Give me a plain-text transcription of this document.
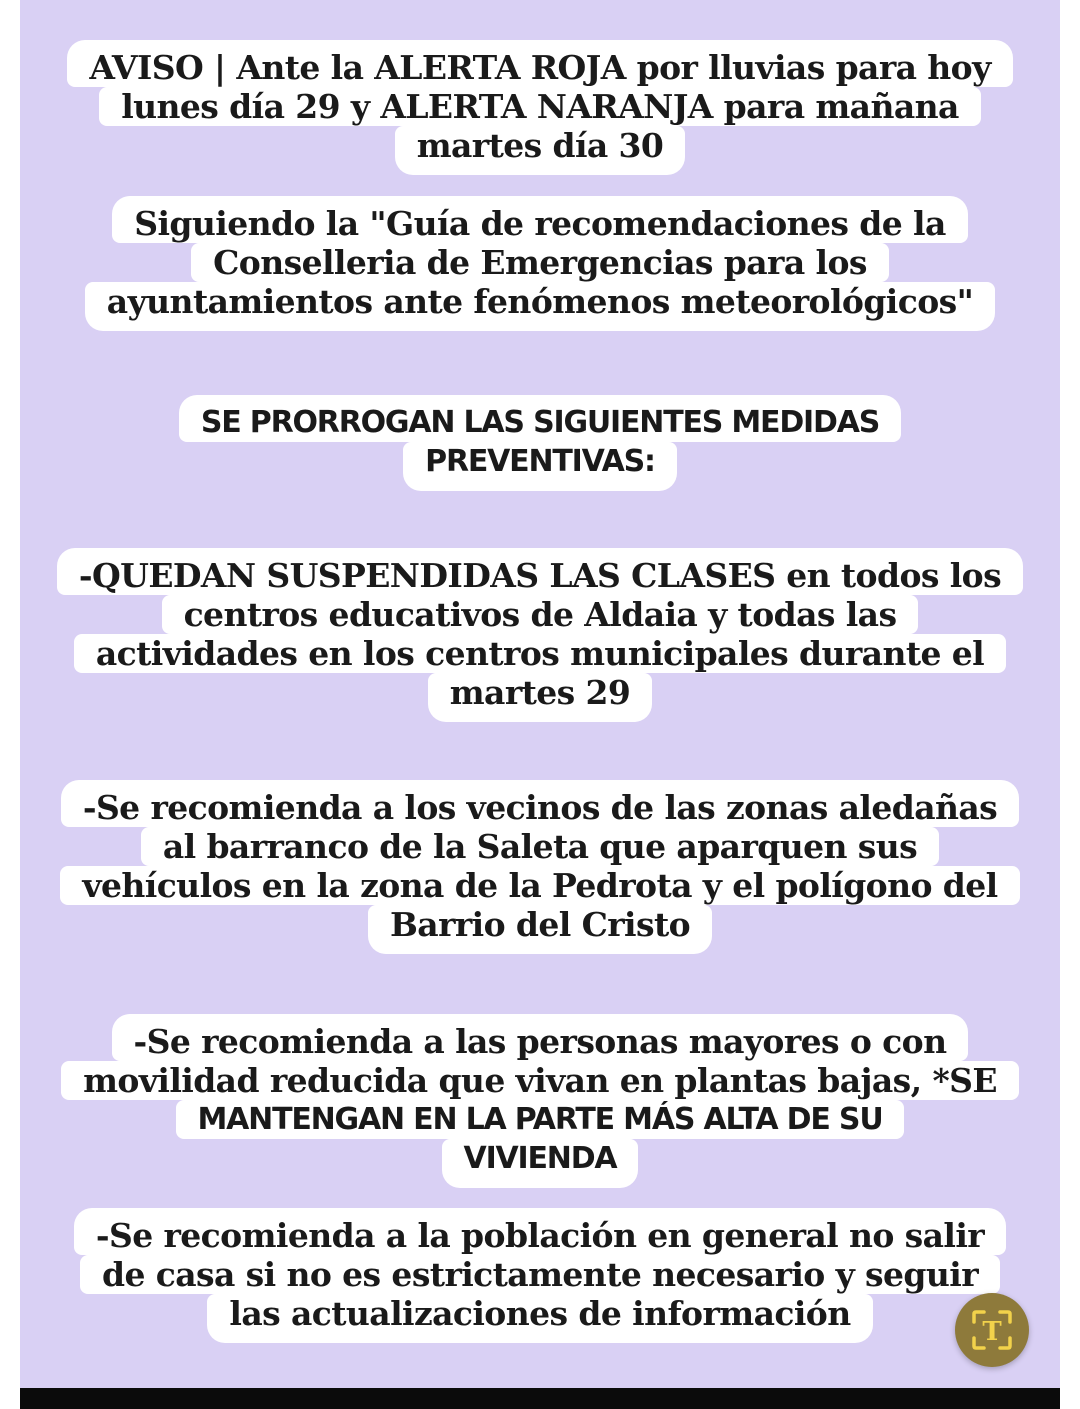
AVISO | Ante la ALERTA ROJA por lluvias para hoy
lunes día 29 y ALERTA NARANJA para mañana
martes día 30
Siguiendo la "Guía de recomendaciones de la
Conselleria de Emergencias para los
ayuntamientos ante fenómenos meteorológicos"
SE PRORROGAN LAS SIGUIENTES MEDIDAS
PREVENTIVAS:
-QUEDAN SUSPENDIDAS LAS CLASES en todos los
centros educativos de Aldaia y todas las
actividades en los centros municipales durante el
martes 29
-Se recomienda a los vecinos de las zonas aledañas
al barranco de la Saleta que aparquen sus
vehículos en la zona de la Pedrota y el polígono del
Barrio del Cristo
-Se recomienda a las personas mayores o con
movilidad reducida que vivan en plantas bajas, *SE
MANTENGAN EN LA PARTE MÁS ALTA DE SU
VIVIENDA
-Se recomienda a la población en general no salir
de casa si no es estrictamente necesario y seguir
las actualizaciones de información	T
